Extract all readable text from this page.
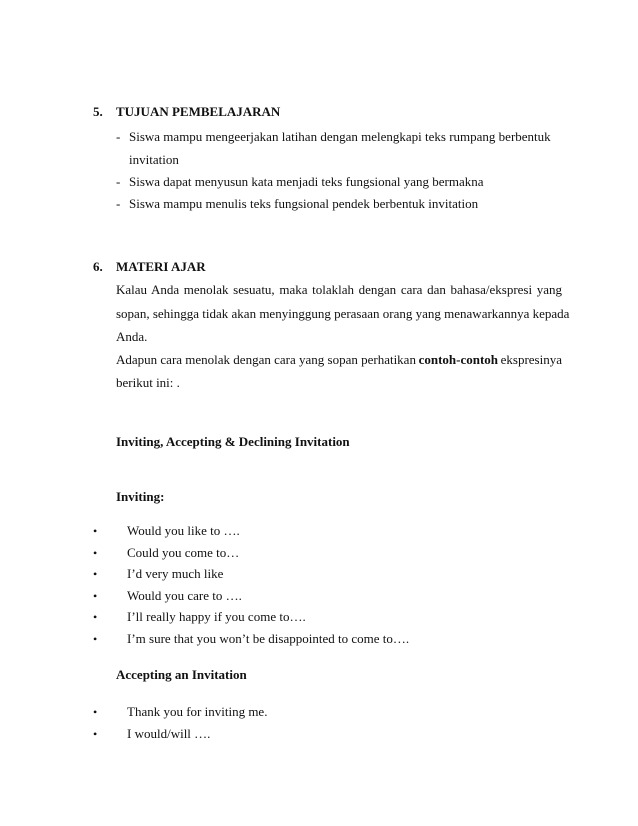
5. TUJUAN PEMBELAJARAN
- Siswa mampu mengeerjakan latihan dengan melengkapi teks rumpang berbentuk
invitation
- Siswa dapat menyusun kata menjadi teks fungsional yang bermakna
- Siswa mampu menulis teks fungsional pendek berbentuk invitation
6. MATERI AJAR
Kalau Anda menolak sesuatu, maka tolaklah dengan cara dan bahasa/ekspresi yang
sopan, sehingga tidak akan menyinggung perasaan orang yang menawarkannya kepada
Anda.
Adapun cara menolak dengan cara yang sopan perhatikan contoh-contoh ekspresinya
berikut ini: .
Inviting, Accepting & Declining Invitation
Inviting:
• Would you like to ….
• Could you come to…
• I’d very much like
• Would you care to ….
• I’ll really happy if you come to….
• I’m sure that you won’t be disappointed to come to….
Accepting an Invitation
• Thank you for inviting me.
• I would/will ….
